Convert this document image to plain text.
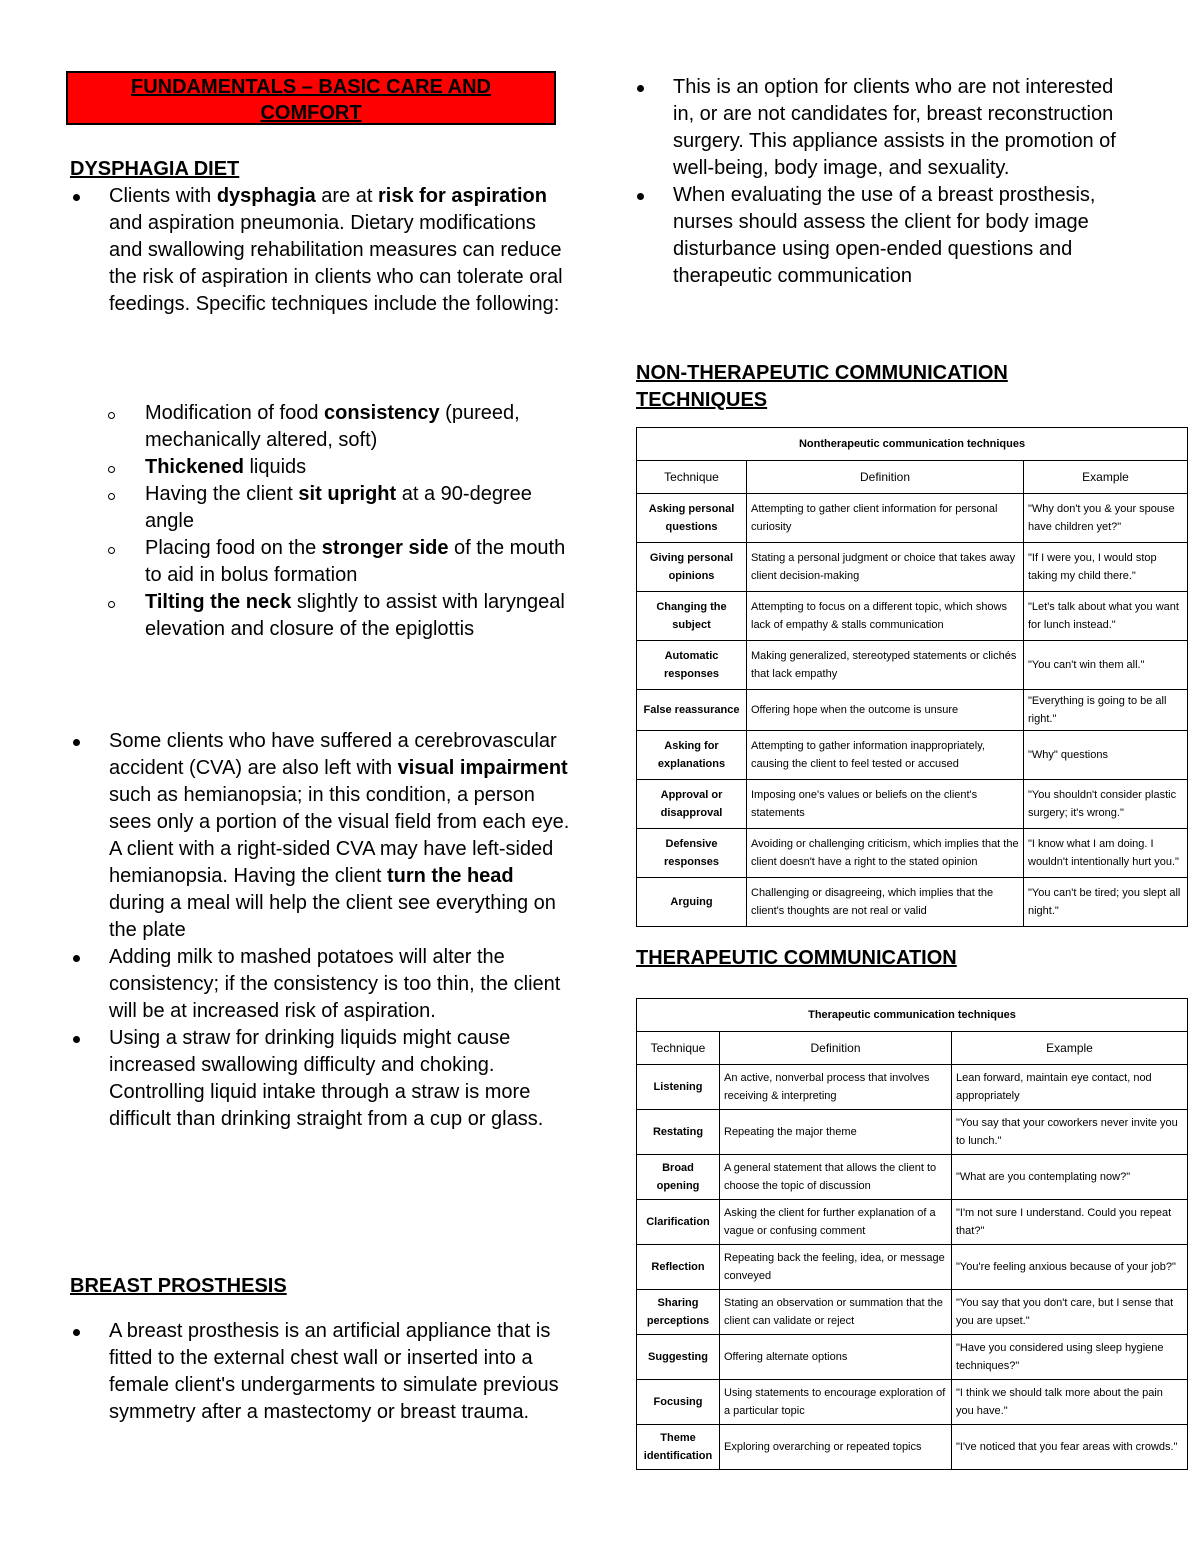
FUNDAMENTALS – BASIC CARE AND
COMFORT
DYSPHAGIA DIET
Clients with dysphagia are at risk for aspiration and aspiration pneumonia. Dietary modifications and swallowing rehabilitation measures can reduce the risk of aspiration in clients who can tolerate oral feedings. Specific techniques include the following:
Modification of food consistency (pureed, mechanically altered, soft)
Thickened liquids
Having the client sit upright at a 90-degree angle
Placing food on the stronger side of the mouth to aid in bolus formation
Tilting the neck slightly to assist with laryngeal elevation and closure of the epiglottis
Some clients who have suffered a cerebrovascular accident (CVA) are also left with visual impairment such as hemianopsia; in this condition, a person sees only a portion of the visual field from each eye. A client with a right-sided CVA may have left-sided hemianopsia. Having the client turn the head during a meal will help the client see everything on the plate
Adding milk to mashed potatoes will alter the consistency; if the consistency is too thin, the client will be at increased risk of aspiration.
Using a straw for drinking liquids might cause increased swallowing difficulty and choking. Controlling liquid intake through a straw is more difficult than drinking straight from a cup or glass.
BREAST PROSTHESIS
A breast prosthesis is an artificial appliance that is fitted to the external chest wall or inserted into a female client's undergarments to simulate previous symmetry after a mastectomy or breast trauma.
This is an option for clients who are not interested in, or are not candidates for, breast reconstruction surgery. This appliance assists in the promotion of well-being, body image, and sexuality.
When evaluating the use of a breast prosthesis, nurses should assess the client for body image disturbance using open-ended questions and therapeutic communication
NON-THERAPEUTIC COMMUNICATION
TECHNIQUES
Nontherapeutic communication techniques		
Technique	Definition	Example
Asking personal questions	Attempting to gather client information for personal curiosity	"Why don't you & your spouse have children yet?"
Giving personal opinions	Stating a personal judgment or choice that takes away client decision-making	"If I were you, I would stop taking my child there."
Changing the subject	Attempting to focus on a different topic, which shows lack of empathy & stalls communication	"Let's talk about what you want for lunch instead."
Automatic responses	Making generalized, stereotyped statements or clichés that lack empathy	"You can't win them all."
False reassurance	Offering hope when the outcome is unsure	"Everything is going to be all right."
Asking for explanations	Attempting to gather information inappropriately, causing the client to feel tested or accused	"Why" questions
Approval or disapproval	Imposing one's values or beliefs on the client's statements	"You shouldn't consider plastic surgery; it's wrong."
Defensive responses	Avoiding or challenging criticism, which implies that the client doesn't have a right to the stated opinion	"I know what I am doing. I wouldn't intentionally hurt you."
Arguing	Challenging or disagreeing, which implies that the client's thoughts are not real or valid	"You can't be tired; you slept all night."
THERAPEUTIC COMMUNICATION
Therapeutic communication techniques		
Technique	Definition	Example
Listening	An active, nonverbal process that involves receiving & interpreting	Lean forward, maintain eye contact, nod appropriately
Restating	Repeating the major theme	"You say that your coworkers never invite you to lunch."
Broad opening	A general statement that allows the client to choose the topic of discussion	"What are you contemplating now?"
Clarification	Asking the client for further explanation of a vague or confusing comment	"I'm not sure I understand. Could you repeat that?"
Reflection	Repeating back the feeling, idea, or message conveyed	"You're feeling anxious because of your job?"
Sharing perceptions	Stating an observation or summation that the client can validate or reject	"You say that you don't care, but I sense that you are upset."
Suggesting	Offering alternate options	"Have you considered using sleep hygiene techniques?"
Focusing	Using statements to encourage exploration of a particular topic	"I think we should talk more about the pain you have."
Theme identification	Exploring overarching or repeated topics	"I've noticed that you fear areas with crowds."
